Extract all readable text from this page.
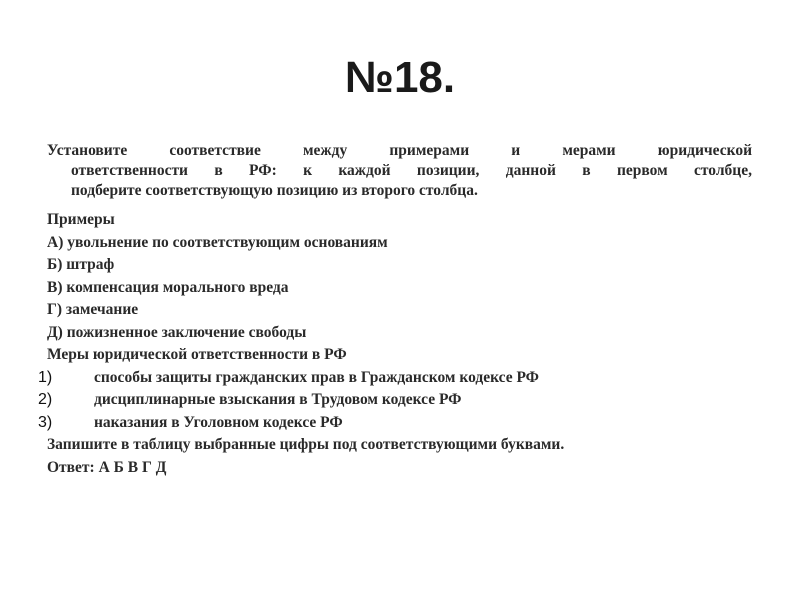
№18.
Установите соответствие между примерами и мерами юридической
ответственности в РФ: к каждой позиции, данной в первом столбце,
подберите соответствующую позицию из второго столбца.

Примеры

А) увольнение по соответствующим основаниям

Б) штраф

В) компенсация морального вреда

Г) замечание

Д) пожизненное заключение свободы

Меры юридической ответственности в РФ

1)	способы защиты гражданских прав в Гражданском кодексе РФ
2)	дисциплинарные взыскания в Трудовом кодексе РФ
3)	наказания в Уголовном кодексе РФ

Запишите в таблицу выбранные цифры под соответствующими буквами.

Ответ: А Б В Г Д
